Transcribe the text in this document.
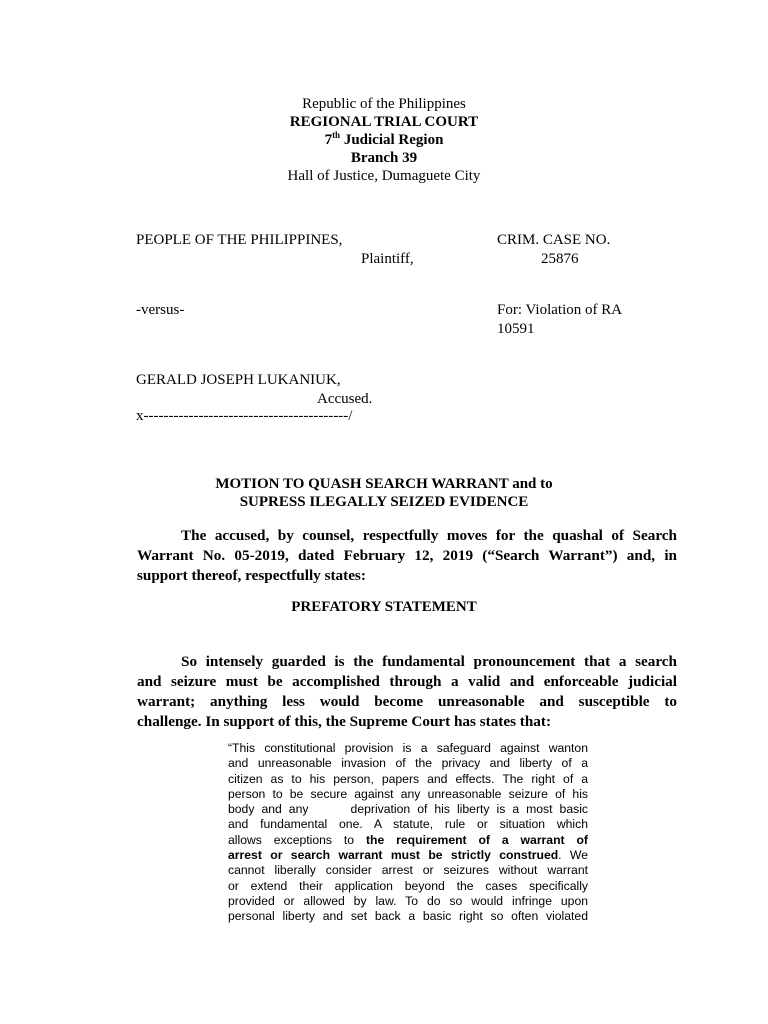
Republic of the Philippines
REGIONAL TRIAL COURT
7th Judicial Region
Branch 39
Hall of Justice, Dumaguete City
PEOPLE OF THE PHILIPPINES,
Plaintiff,
-versus-
GERALD JOSEPH LUKANIUK,
Accused.
x-----------------------------------------/
CRIM. CASE NO.
25876
For: Violation of RA
10591
MOTION TO QUASH SEARCH WARRANT and to
SUPRESS ILEGALLY SEIZED EVIDENCE
The accused, by counsel, respectfully moves for the quashal of Search
Warrant No. 05-2019, dated February 12, 2019 (“Search Warrant”) and, in
support thereof, respectfully states:
PREFATORY STATEMENT
So intensely guarded is the fundamental pronouncement that a search
and seizure must be accomplished through a valid and enforceable judicial
warrant; anything less would become unreasonable and susceptible to
challenge. In support of this, the Supreme Court has states that:
“This constitutional provision is a safeguard against wanton
and unreasonable invasion of the privacy and liberty of a
citizen as to his person, papers and effects. The right of a
person to be secure against any unreasonable seizure of his
body and any      deprivation of his liberty is a most basic
and fundamental one. A statute, rule or situation which
allows exceptions to the requirement of a warrant of
arrest or search warrant must be strictly construed. We
cannot liberally consider arrest or seizures without warrant
or extend their application beyond the cases specifically
provided or allowed by law. To do so would infringe upon
personal liberty and set back a basic right so often violated
